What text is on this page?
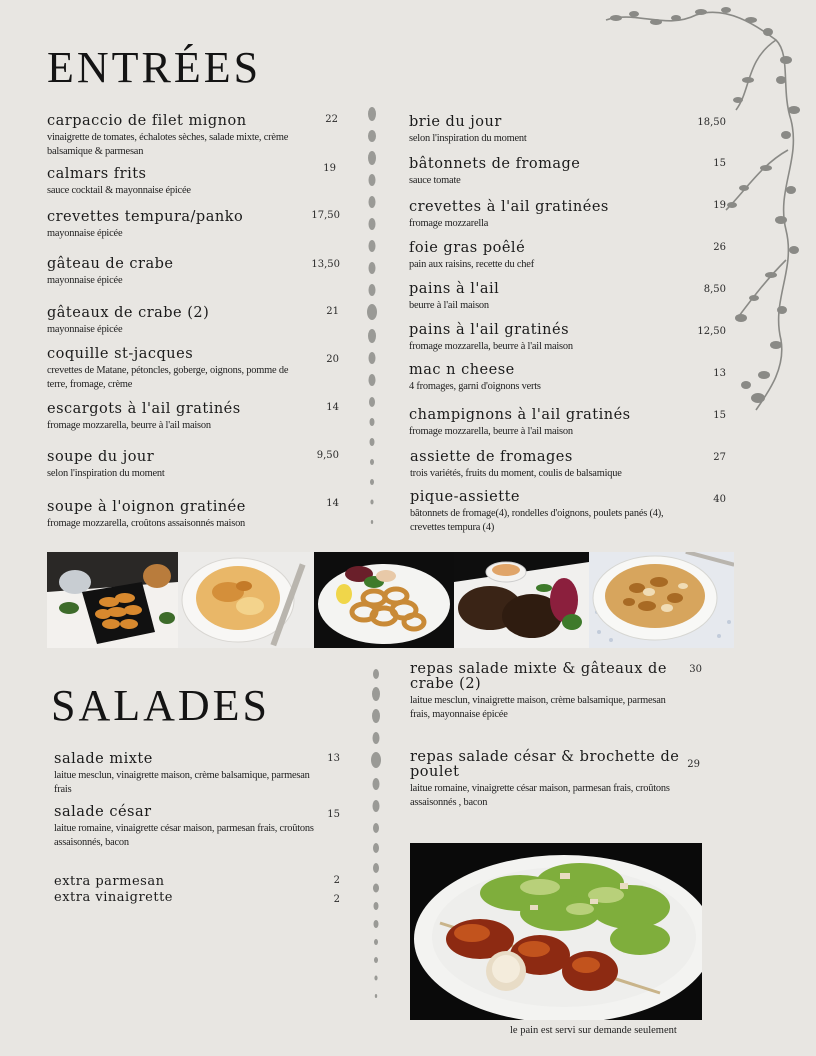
ENTRÉES
carpaccio de filet mignon
vinaigrette de tomates, échalotes sèches, salade mixte, crème balsamique & parmesan
22
calmars frits
sauce cocktail & mayonnaise épicée
19
crevettes tempura/panko
mayonnaise épicée
17,50
gâteau de crabe
mayonnaise épicée
13,50
gâteaux de crabe (2)
mayonnaise épicée
21
coquille st-jacques
crevettes de Matane, pétoncles, goberge, oignons, pomme de terre, fromage, crème
20
escargots à l'ail gratinés
fromage mozzarella, beurre à l'ail maison
14
soupe du jour
selon l'inspiration du moment
9,50
soupe à l'oignon gratinée
fromage mozzarella, croûtons assaisonnés maison
14
brie du jour
selon l'inspiration du moment
18,50
bâtonnets de fromage
sauce tomate
15
crevettes à l'ail gratinées
fromage mozzarella
19
foie gras poêlé
pain aux raisins, recette du chef
26
pains à l'ail
beurre à l'ail maison
8,50
pains à l'ail gratinés
fromage mozzarella, beurre à l'ail maison
12,50
mac n cheese
4 fromages, garni d'oignons verts
13
champignons à l'ail gratinés
fromage mozzarella, beurre à l'ail maison
15
assiette de fromages
trois variétés, fruits du moment, coulis de balsamique
27
pique-assiette
bâtonnets de fromage(4), rondelles d'oignons, poulets panés (4), crevettes tempura (4)
40
SALADES
salade mixte
laitue mesclun, vinaigrette maison, crème balsamique, parmesan frais
13
salade césar
laitue romaine, vinaigrette césar maison, parmesan frais, croûtons assaisonnés, bacon
15
extra parmesan	2
extra vinaigrette	2
repas salade mixte & gâteaux de crabe (2)
laitue mesclun, vinaigrette maison, crème balsamique, parmesan frais, mayonnaise épicée
30
repas salade césar & brochette de poulet
laitue romaine, vinaigrette césar maison, parmesan frais, croûtons assaisonnés , bacon
29
le pain est servi sur demande seulement
